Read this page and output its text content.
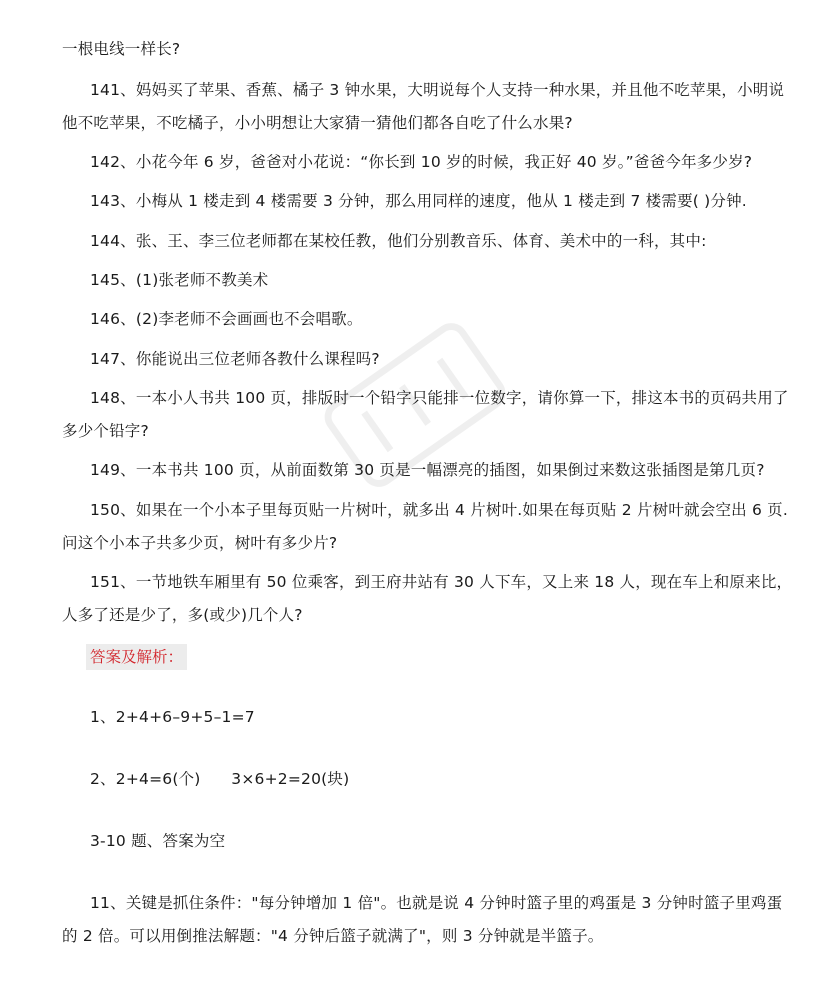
一根电线一样长?
141、妈妈买了苹果、香蕉、橘子 3 钟水果，大明说每个人支持一种水果，并且他不吃苹果，小明说
他不吃苹果，不吃橘子，小小明想让大家猜一猜他们都各自吃了什么水果?
142、小花今年 6 岁，爸爸对小花说：“你长到 10 岁的时候，我正好 40 岁。”爸爸今年多少岁?
143、小梅从 1 楼走到 4 楼需要 3 分钟，那么用同样的速度，他从 1 楼走到 7 楼需要( )分钟.
144、张、王、李三位老师都在某校任教，他们分别教音乐、体育、美术中的一科，其中:
145、(1)张老师不教美术
146、(2)李老师不会画画也不会唱歌。
147、你能说出三位老师各教什么课程吗?
148、一本小人书共 100 页，排版时一个铅字只能排一位数字，请你算一下，排这本书的页码共用了
多少个铅字?
149、一本书共 100 页，从前面数第 30 页是一幅漂亮的插图，如果倒过来数这张插图是第几页?
150、如果在一个小本子里每页贴一片树叶，就多出 4 片树叶.如果在每页贴 2 片树叶就会空出 6 页.
问这个小本子共多少页，树叶有多少片?
151、一节地铁车厢里有 50 位乘客，到王府井站有 30 人下车，又上来 18 人，现在车上和原来比，
人多了还是少了，多(或少)几个人?
答案及解析：
1、2+4+6–9+5–1=7
2、2+4=6(个)      3×6+2=20(块)
3-10 题、答案为空
11、关键是抓住条件："每分钟增加 1 倍"。也就是说 4 分钟时篮子里的鸡蛋是 3 分钟时篮子里鸡蛋
的 2 倍。可以用倒推法解题："4 分钟后篮子就满了"，则 3 分钟就是半篮子。
